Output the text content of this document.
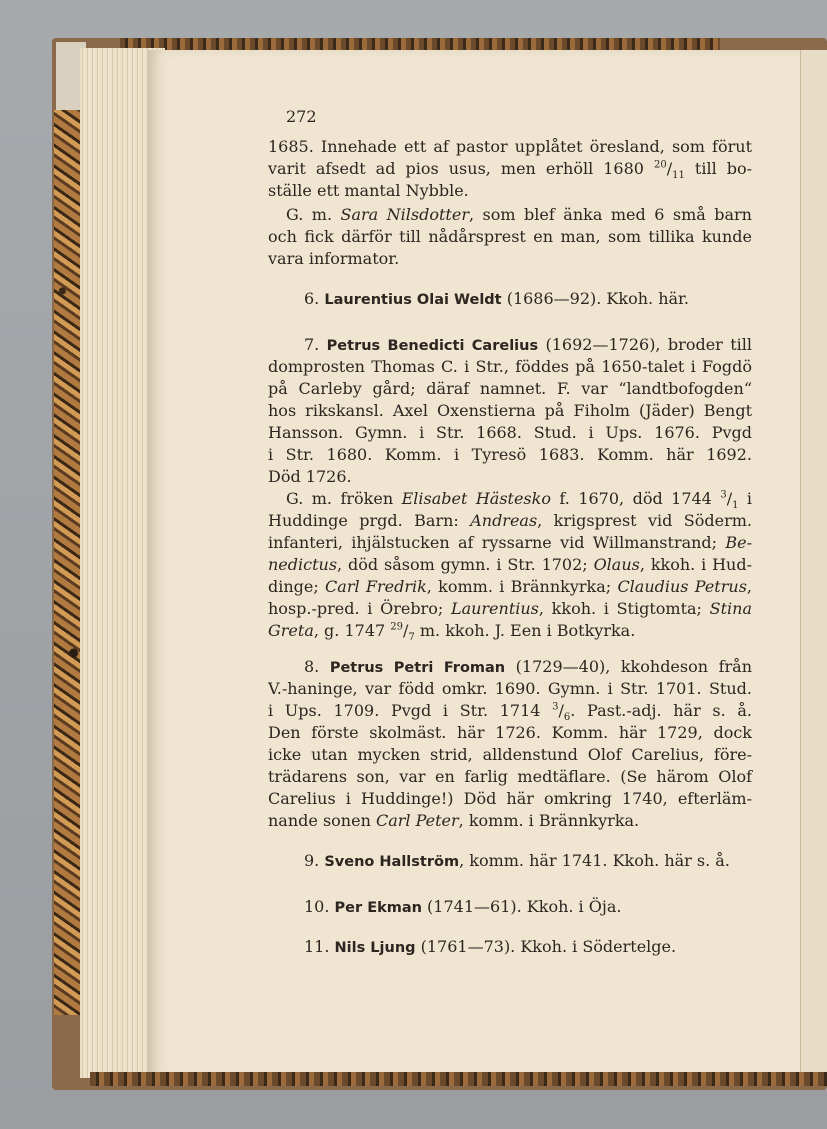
272
1685. Innehade ett af pastor upplåtet öresland, som förut
varit afsedt ad pios usus, men erhöll 1680 $^{20}/_{11}$ till bo-
ställe ett mantal Nybble.
G. m. Sara Nilsdotter, som blef änka med 6 små barn
och fick därför till nådårsprest en man, som tillika kunde
vara informator.
6. Laurentius Olai Weldt (1686—92). Kkoh. här.
7. Petrus Benedicti Carelius (1692—1726), broder till
domprosten Thomas C. i Str., föddes på 1650-talet i Fogdö
på Carleby gård; däraf namnet. F. var “landtbofogden“
hos rikskansl. Axel Oxenstierna på Fiholm (Jäder) Bengt
Hansson. Gymn. i Str. 1668. Stud. i Ups. 1676. Pvgd
i Str. 1680. Komm. i Tyresö 1683. Komm. här 1692.
Död 1726.
G. m. fröken Elisabet Hästesko f. 1670, död 1744 $^3/_1$ i
Huddinge prgd. Barn: Andreas, krigsprest vid Söderm.
infanteri, ihjälstucken af ryssarne vid Willmanstrand; Be-
nedictus, död såsom gymn. i Str. 1702; Olaus, kkoh. i Hud-
dinge; Carl Fredrik, komm. i Brännkyrka; Claudius Petrus,
hosp.-pred. i Örebro; Laurentius, kkoh. i Stigtomta; Stina
Greta, g. 1747 $^{29}/_7$ m. kkoh. J. Een i Botkyrka.
8. Petrus Petri Froman (1729—40), kkohdeson från
V.-haninge, var född omkr. 1690. Gymn. i Str. 1701. Stud.
i Ups. 1709. Pvgd i Str. 1714 $^3/_6$. Past.-adj. här s. å.
Den förste skolmäst. här 1726. Komm. här 1729, dock
icke utan mycken strid, alldenstund Olof Carelius, före-
trädarens son, var en farlig medtäflare. (Se härom Olof
Carelius i Huddinge!) Död här omkring 1740, efterläm-
nande sonen Carl Peter, komm. i Brännkyrka.
9. Sveno Hallström, komm. här 1741. Kkoh. här s. å.
10. Per Ekman (1741—61). Kkoh. i Öja.
11. Nils Ljung (1761—73). Kkoh. i Södertelge.
